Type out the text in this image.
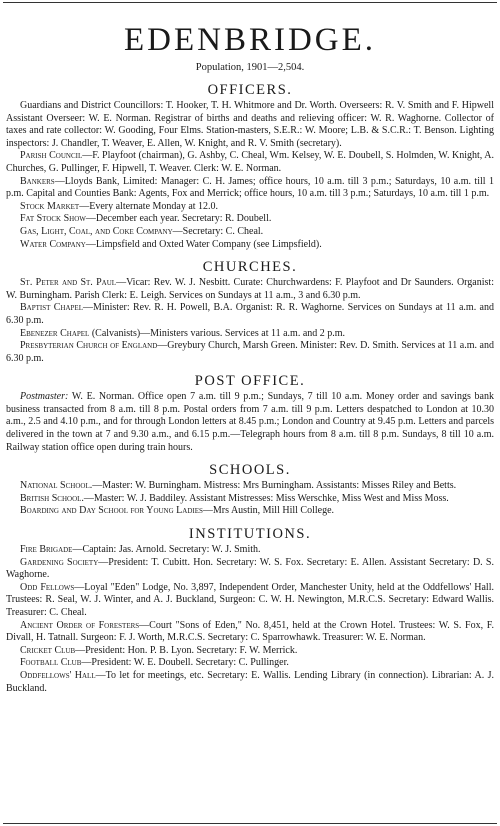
EDENBRIDGE.
Population, 1901—2,504.
OFFICERS.

Guardians and District Councillors: T. Hooker, T. H. Whitmore and Dr. Worth. Overseers: R. V. Smith and F. Hipwell Assistant Overseer: W. E. Norman. Registrar of births and deaths and relieving officer: W. R. Waghorne. Collector of taxes and rate collector: W. Gooding, Four Elms. Station-masters, S.E.R.: W. Moore; L.B. & S.C.R.: T. Benson. Lighting inspectors: J. Chandler, T. Weaver, E. Allen, W. Knight, and R. V. Smith (secretary).

Parish Council—F. Playfoot (chairman), G. Ashby, C. Cheal, Wm. Kelsey, W. E. Doubell, S. Holmden, W. Knight, A. Churches, G. Pullinger, F. Hipwell, T. Weaver. Clerk: W. E. Norman.

Bankers—Lloyds Bank, Limited: Manager: C. H. James; office hours, 10 a.m. till 3 p.m.; Saturdays, 10 a.m. till 1 p.m. Capital and Counties Bank: Agents, Fox and Merrick; office hours, 10 a.m. till 3 p.m.; Saturdays, 10 a.m. till 1 p.m.

Stock Market—Every alternate Monday at 12.0.

Fat Stock Show—December each year. Secretary: R. Doubell.

Gas, Light, Coal, and Coke Company—Secretary: C. Cheal.

Water Company—Limpsfield and Oxted Water Company (see Limpsfield).

CHURCHES.

St. Peter and St. Paul—Vicar: Rev. W. J. Nesbitt. Curate: Churchwardens: F. Playfoot and Dr Saunders. Organist: W. Burningham. Parish Clerk: E. Leigh. Services on Sundays at 11 a.m., 3 and 6.30 p.m.

Baptist Chapel—Minister: Rev. R. H. Powell, B.A. Organist: R. R. Waghorne. Services on Sundays at 11 a.m. and 6.30 p.m.

Ebenezer Chapel (Calvanists)—Ministers various. Services at 11 a.m. and 2 p.m.

Presbyterian Church of England—Greybury Church, Marsh Green. Minister: Rev. D. Smith. Services at 11 a.m. and 6.30 p.m.

POST OFFICE.

Postmaster: W. E. Norman. Office open 7 a.m. till 9 p.m.; Sundays, 7 till 10 a.m. Money order and savings bank business transacted from 8 a.m. till 8 p.m. Postal orders from 7 a.m. till 9 p.m. Letters despatched to London at 10.30 a.m., 2.5 and 4.10 p.m., and for through London letters at 8.45 p.m.; London and Country at 9.45 p.m. Letters and parcels delivered in the town at 7 and 9.30 a.m., and 6.15 p.m.—Telegraph hours from 8 a.m. till 8 p.m. Sundays, 8 till 10 a.m. Railway station office open during train hours.

SCHOOLS.

National School.—Master: W. Burningham. Mistress: Mrs Burningham. Assistants: Misses Riley and Betts.

British School.—Master: W. J. Baddiley. Assistant Mistresses: Miss Werschke, Miss West and Miss Moss.

Boarding and Day School for Young Ladies—Mrs Austin, Mill Hill College.

INSTITUTIONS.

Fire Brigade—Captain: Jas. Arnold. Secretary: W. J. Smith.

Gardening Society—President: T. Cubitt. Hon. Secretary: W. S. Fox. Secretary: E. Allen. Assistant Secretary: D. S. Waghorne.

Odd Fellows—Loyal "Eden" Lodge, No. 3,897, Independent Order, Manchester Unity, held at the Oddfellows' Hall. Trustees: R. Seal, W. J. Winter, and A. J. Buckland, Surgeon: C. W. H. Newington, M.R.C.S. Secretary: Edward Wallis. Treasurer: C. Cheal.

Ancient Order of Foresters—Court "Sons of Eden," No. 8,451, held at the Crown Hotel. Trustees: W. S. Fox, F. Divall, H. Tatnall. Surgeon: F. J. Worth, M.R.C.S. Secretary: C. Sparrowhawk. Treasurer: W. E. Norman.

Cricket Club—President: Hon. P. B. Lyon. Secretary: F. W. Merrick.

Football Club—President: W. E. Doubell. Secretary: C. Pullinger.

Oddfellows' Hall—To let for meetings, etc. Secretary: E. Wallis. Lending Library (in connection). Librarian: A. J. Buckland.
